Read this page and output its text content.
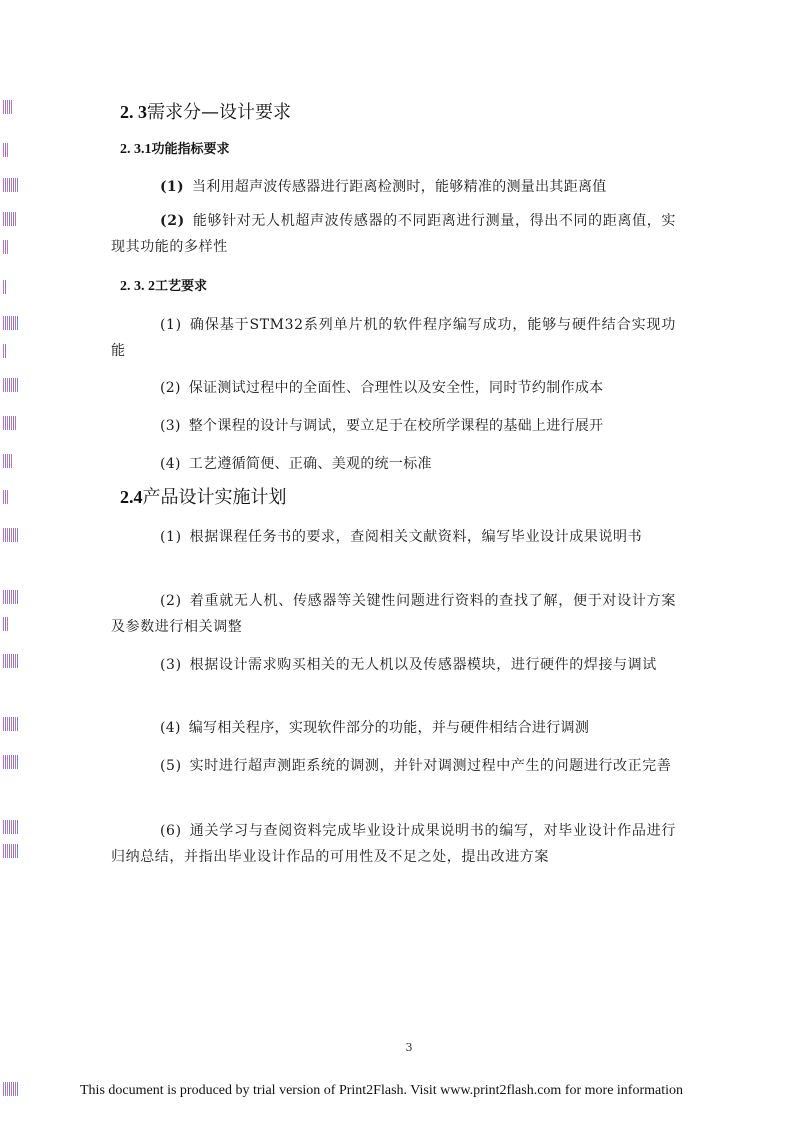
2. 3需求分—设计要求
2. 3.1功能指标要求
(1) 当利用超声波传感器进行距离检测时，能够精准的测量出其距离值
(2) 能够针对无人机超声波传感器的不同距离进行测量，得出不同的距离值，实现其功能的多样性
2. 3. 2工艺要求
(1) 确保基于STM32系列单片机的软件程序编写成功，能够与硬件结合实现功能
(2) 保证测试过程中的全面性、合理性以及安全性，同时节约制作成本
(3) 整个课程的设计与调试，要立足于在校所学课程的基础上进行展开
(4) 工艺遵循简便、正确、美观的统一标准
2.4产品设计实施计划
(1) 根据课程任务书的要求，查阅相关文献资料，编写毕业设计成果说明书
(2) 着重就无人机、传感器等关键性问题进行资料的查找了解，便于对设计方案及参数进行相关调整
(3) 根据设计需求购买相关的无人机以及传感器模块，进行硬件的焊接与调试
(4) 编写相关程序，实现软件部分的功能，并与硬件相结合进行调测
(5) 实时进行超声测距系统的调测，并针对调测过程中产生的问题进行改正完善
(6) 通关学习与查阅资料完成毕业设计成果说明书的编写，对毕业设计作品进行归纳总结，并指出毕业设计作品的可用性及不足之处，提出改进方案
3
This document is produced by trial version of Print2Flash. Visit www.print2flash.com for more information
